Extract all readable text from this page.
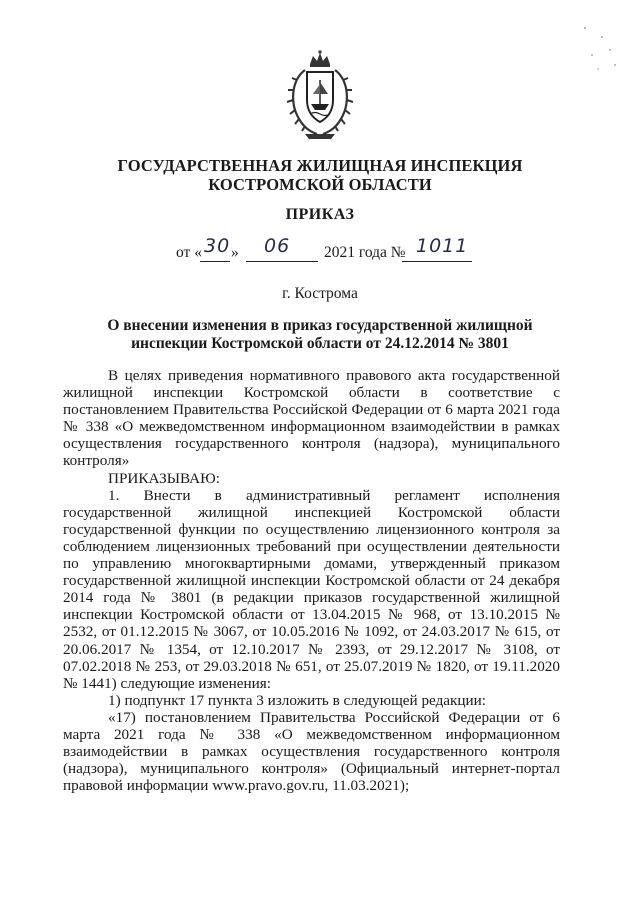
ГОСУДАРСТВЕННАЯ ЖИЛИЩНАЯ ИНСПЕКЦИЯ
КОСТРОМСКОЙ ОБЛАСТИ
ПРИКАЗ
от « 30 » 06 2021 года № 1011
г. Кострома
О внесении изменения в приказ государственной жилищной
инспекции Костромской области от 24.12.2014 № 3801

В целях приведения нормативного правового акта государственной жилищной инспекции Костромской области в соответствие с постановлением Правительства Российской Федерации от 6 марта 2021 года № 338 «О межведомственном информационном взаимодействии в рамках осуществления государственного контроля (надзора), муниципального контроля»

ПРИКАЗЫВАЮ:

1. Внести в административный регламент исполнения государственной жилищной инспекцией Костромской области государственной функции по осуществлению лицензионного контроля за соблюдением лицензионных требований при осуществлении деятельности по управлению многоквартирными домами, утвержденный приказом государственной жилищной инспекции Костромской области от 24 декабря 2014 года № 3801 (в редакции приказов государственной жилищной инспекции Костромской области от 13.04.2015 № 968, от 13.10.2015 № 2532, от 01.12.2015 № 3067, от 10.05.2016 № 1092, от 24.03.2017 № 615, от 20.06.2017 № 1354, от 12.10.2017 № 2393, от 29.12.2017 № 3108, от 07.02.2018 № 253, от 29.03.2018 № 651, от 25.07.2019 № 1820, от 19.11.2020 № 1441) следующие изменения:

1) подпункт 17 пункта 3 изложить в следующей редакции:

«17) постановлением Правительства Российской Федерации от 6 марта 2021 года № 338 «О межведомственном информационном взаимодействии в рамках осуществления государственного контроля (надзора), муниципального контроля» (Официальный интернет-портал правовой информации www.pravo.gov.ru, 11.03.2021);
